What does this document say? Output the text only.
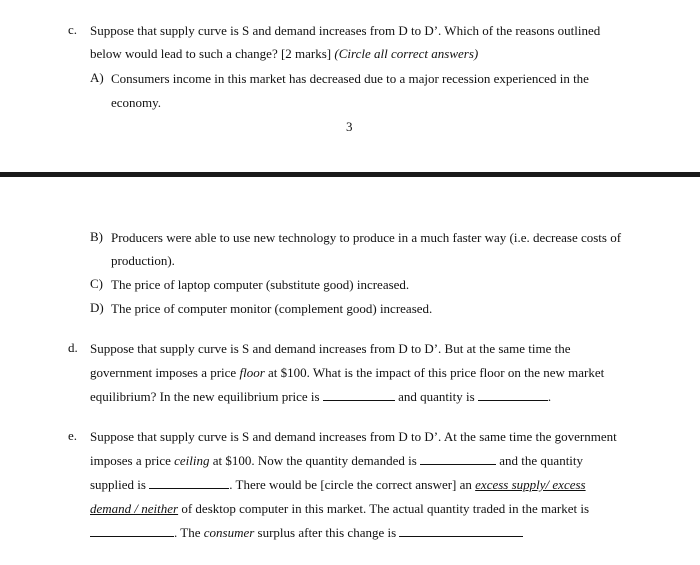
c. Suppose that supply curve is S and demand increases from D to D’. Which of the reasons outlined
below would lead to such a change? [2 marks] (Circle all correct answers)
A) Consumers income in this market has decreased due to a major recession experienced in the
economy.
3
B) Producers were able to use new technology to produce in a much faster way (i.e. decrease costs of
production).
C) The price of laptop computer (substitute good) increased.
D) The price of computer monitor (complement good) increased.
d. Suppose that supply curve is S and demand increases from D to D’. But at the same time the
government imposes a price floor at $100. What is the impact of this price floor on the new market
equilibrium? In the new equilibrium price is	and quantity is	.
e. Suppose that supply curve is S and demand increases from D to D’. At the same time the government
imposes a price ceiling at $100. Now the quantity demanded is	and the quantity
supplied is	. There would be [circle the correct answer] an excess supply/ excess
demand / neither of desktop computer in this market. The actual quantity traded in the market is
. The consumer surplus after this change is
